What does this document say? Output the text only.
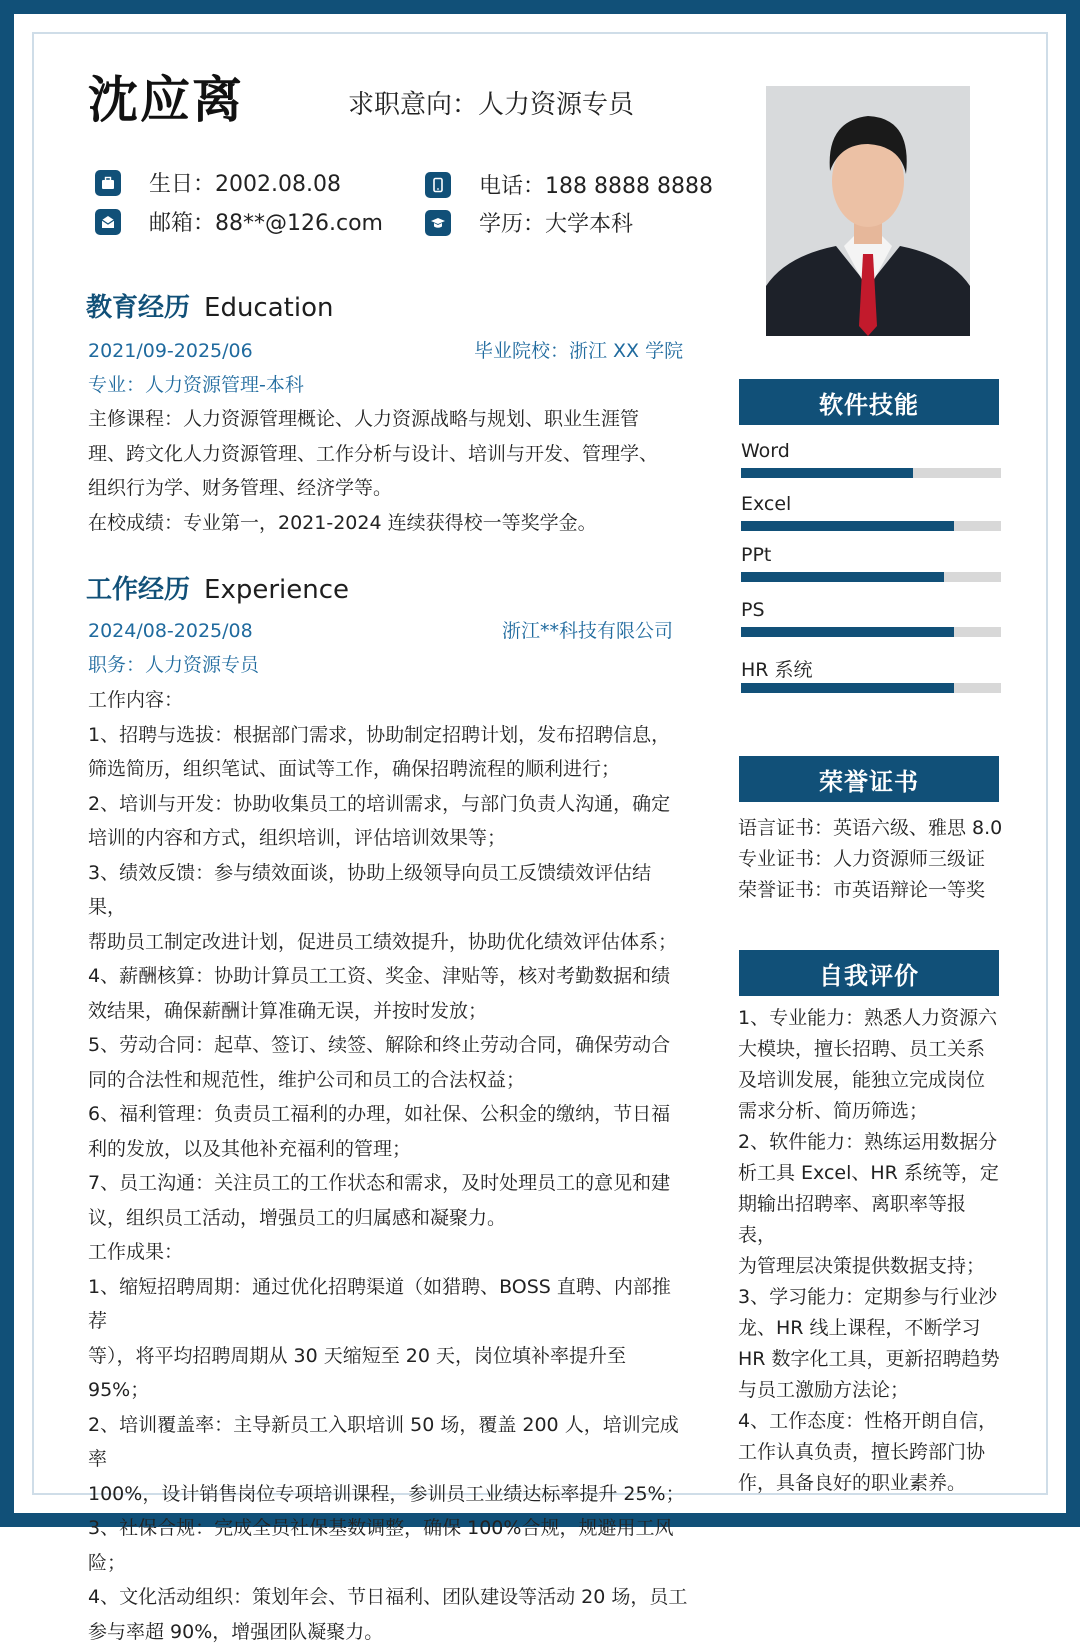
沈应离	求职意向：人力资源专员
生日：2002.08.08	电话：188 8888 8888
邮箱：88**@126.com	学历：大学本科
教育经历 Education
2021/09-2025/06	毕业院校：浙江 XX 学院
专业：人力资源管理-本科

主修课程：人力资源管理概论、人力资源战略与规划、职业生涯管

理、跨文化人力资源管理、工作分析与设计、培训与开发、管理学、

组织行为学、财务管理、经济学等。

在校成绩：专业第一，2021-2024 连续获得校一等奖学金。

工作经历 Experience
2024/08-2025/08	浙江**科技有限公司
职务：人力资源专员

工作内容：

1、招聘与选拔：根据部门需求，协助制定招聘计划，发布招聘信息，

筛选简历，组织笔试、面试等工作，确保招聘流程的顺利进行；

2、培训与开发：协助收集员工的培训需求，与部门负责人沟通，确定

培训的内容和方式，组织培训，评估培训效果等；

3、绩效反馈：参与绩效面谈，协助上级领导向员工反馈绩效评估结果，

帮助员工制定改进计划，促进员工绩效提升，协助优化绩效评估体系；

4、薪酬核算：协助计算员工工资、奖金、津贴等，核对考勤数据和绩

效结果，确保薪酬计算准确无误，并按时发放；

5、劳动合同：起草、签订、续签、解除和终止劳动合同，确保劳动合

同的合法性和规范性，维护公司和员工的合法权益；

6、福利管理：负责员工福利的办理，如社保、公积金的缴纳，节日福

利的发放，以及其他补充福利的管理；

7、员工沟通：关注员工的工作状态和需求，及时处理员工的意见和建

议，组织员工活动，增强员工的归属感和凝聚力。

工作成果：

1、缩短招聘周期：通过优化招聘渠道（如猎聘、BOSS 直聘、内部推荐

等），将平均招聘周期从 30 天缩短至 20 天，岗位填补率提升至 95%；

2、培训覆盖率：主导新员工入职培训 50 场，覆盖 200 人，培训完成率

100%，设计销售岗位专项培训课程，参训员工业绩达标率提升 25%；

3、社保合规：完成全员社保基数调整，确保 100%合规，规避用工风险；

4、文化活动组织：策划年会、节日福利、团队建设等活动 20 场，员工

参与率超 90%，增强团队凝聚力。

软件技能
Word
Excel
PPt
PS
HR 系统
荣誉证书

语言证书：英语六级、雅思 8.0

专业证书：人力资源师三级证

荣誉证书：市英语辩论一等奖

自我评价

1、专业能力：熟悉人力资源六

大模块，擅长招聘、员工关系

及培训发展，能独立完成岗位

需求分析、简历筛选；

2、软件能力：熟练运用数据分

析工具 Excel、HR 系统等，定

期输出招聘率、离职率等报表，

为管理层决策提供数据支持；

3、学习能力：定期参与行业沙

龙、HR 线上课程，不断学习

HR 数字化工具，更新招聘趋势

与员工激励方法论；

4、工作态度：性格开朗自信，

工作认真负责，擅长跨部门协

作，具备良好的职业素养。
